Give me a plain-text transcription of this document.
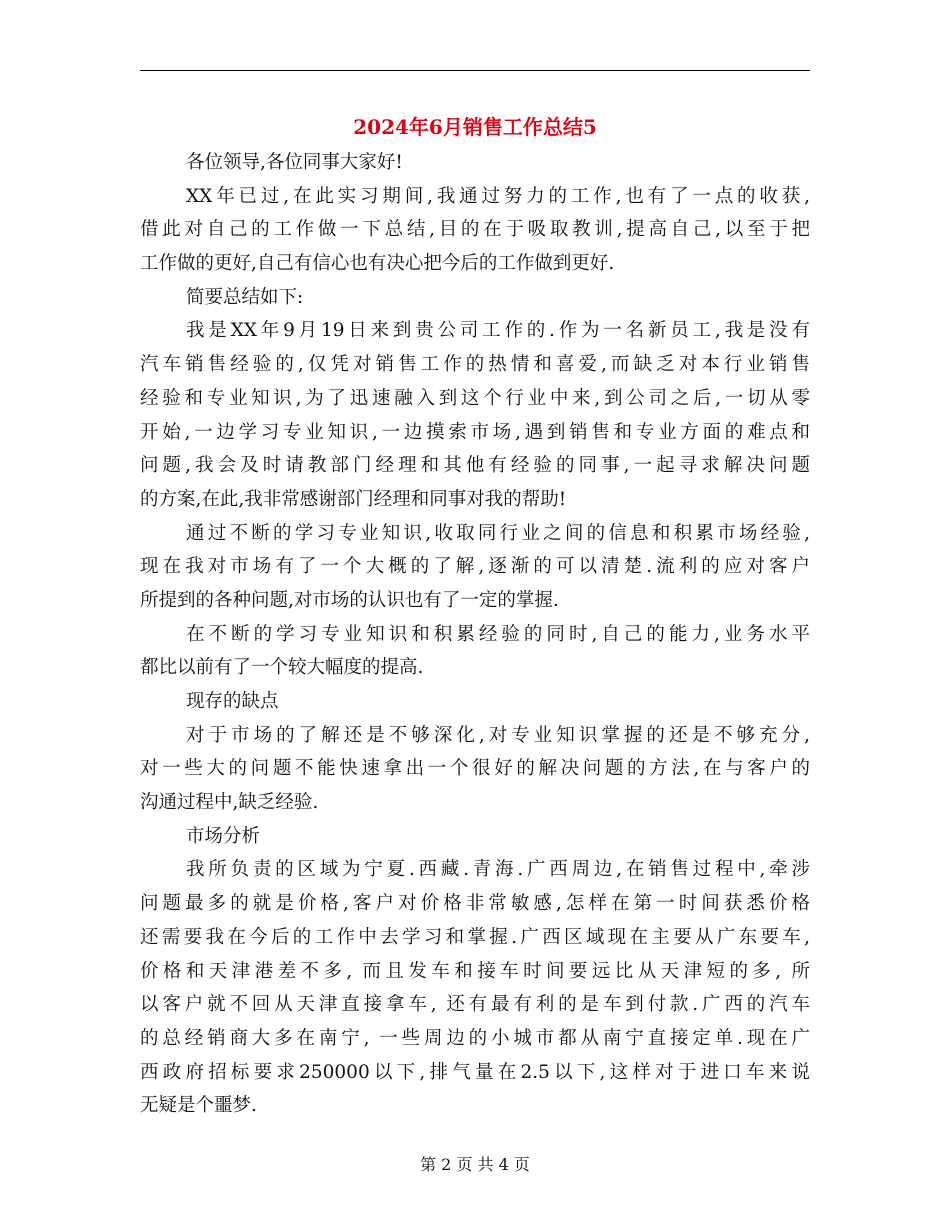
2024年6月销售工作总结5
各位领导,各位同事大家好!
XX年已过,在此实习期间,我通过努力的工作,也有了一点的收获,
借此对自己的工作做一下总结,目的在于吸取教训,提高自己,以至于把
工作做的更好,自己有信心也有决心把今后的工作做到更好.
简要总结如下:
我是XX年9月19日来到贵公司工作的.作为一名新员工,我是没有
汽车销售经验的,仅凭对销售工作的热情和喜爱,而缺乏对本行业销售
经验和专业知识,为了迅速融入到这个行业中来,到公司之后,一切从零
开始,一边学习专业知识,一边摸索市场,遇到销售和专业方面的难点和
问题,我会及时请教部门经理和其他有经验的同事,一起寻求解决问题
的方案,在此,我非常感谢部门经理和同事对我的帮助!
通过不断的学习专业知识,收取同行业之间的信息和积累市场经验,
现在我对市场有了一个大概的了解,逐渐的可以清楚.流利的应对客户
所提到的各种问题,对市场的认识也有了一定的掌握.
在不断的学习专业知识和积累经验的同时,自己的能力,业务水平
都比以前有了一个较大幅度的提高.
现存的缺点
对于市场的了解还是不够深化,对专业知识掌握的还是不够充分,
对一些大的问题不能快速拿出一个很好的解决问题的方法,在与客户的
沟通过程中,缺乏经验.
市场分析
我所负责的区域为宁夏.西藏.青海.广西周边,在销售过程中,牵涉
问题最多的就是价格,客户对价格非常敏感,怎样在第一时间获悉价格
还需要我在今后的工作中去学习和掌握.广西区域现在主要从广东要车,
价格和天津港差不多, 而且发车和接车时间要远比从天津短的多, 所
以客户就不回从天津直接拿车, 还有最有利的是车到付款.广西的汽车
的总经销商大多在南宁, 一些周边的小城市都从南宁直接定单.现在广
西政府招标要求250000以下,排气量在2.5以下,这样对于进口车来说
无疑是个噩梦.
第 2 页 共 4 页
